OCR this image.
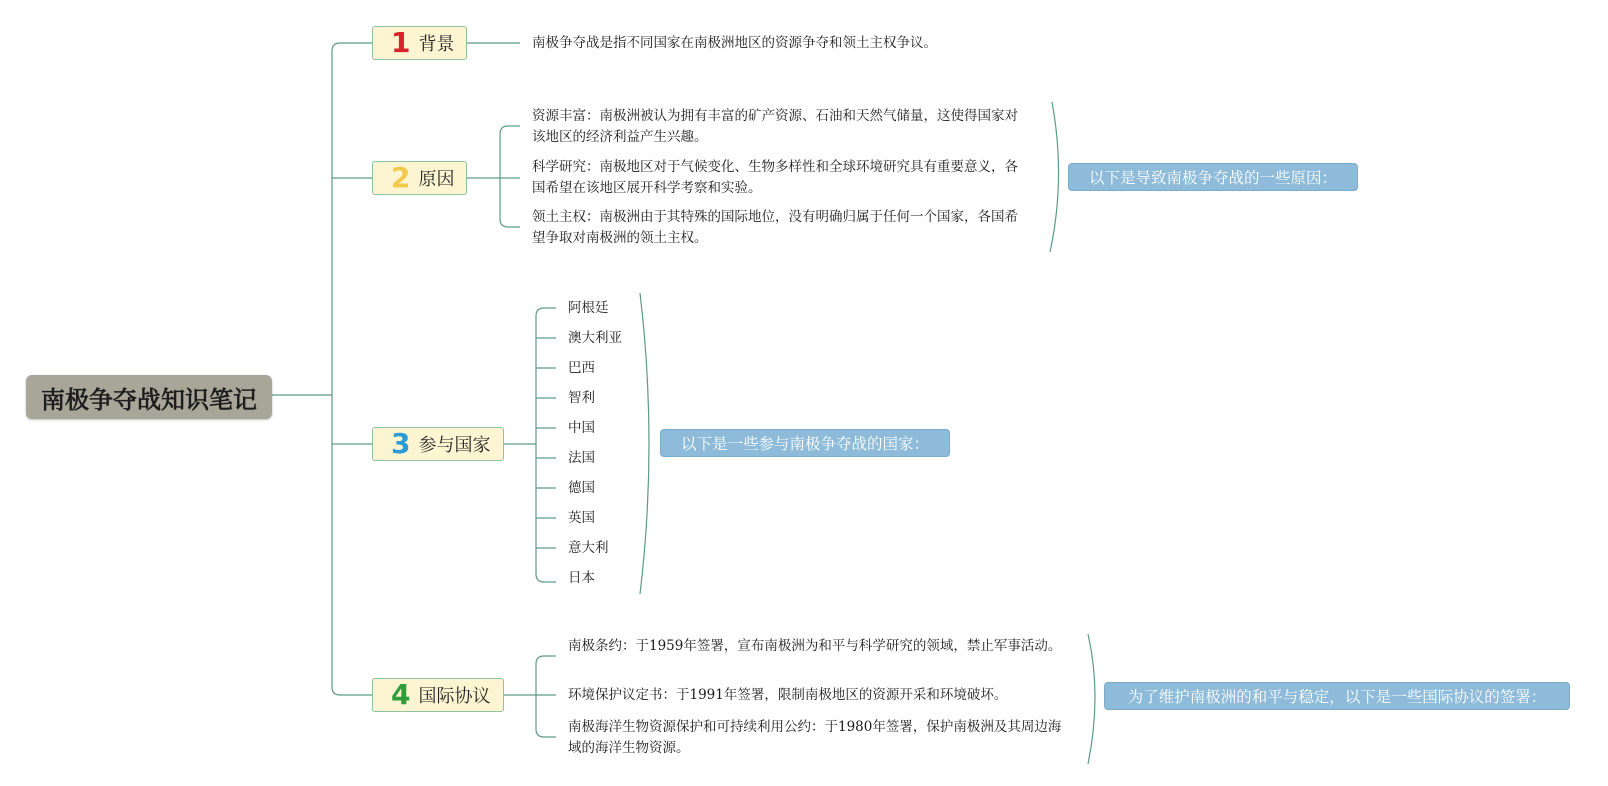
南极争夺战知识笔记
1 背景	南极争夺战是指不同国家在南极洲地区的资源争夺和领土主权争议。
2 原因
资源丰富：南极洲被认为拥有丰富的矿产资源、石油和天然气储量，这使得国家对该地区的经济利益产生兴趣。
科学研究：南极地区对于气候变化、生物多样性和全球环境研究具有重要意义，各国希望在该地区展开科学考察和实验。
领土主权：南极洲由于其特殊的国际地位，没有明确归属于任何一个国家，各国希望争取对南极洲的领土主权。
以下是导致南极争夺战的一些原因：
3 参与国家
阿根廷
澳大利亚
巴西
智利
中国
法国
德国
英国
意大利
日本
以下是一些参与南极争夺战的国家：
4 国际协议
南极条约：于1959年签署，宣布南极洲为和平与科学研究的领域，禁止军事活动。
环境保护议定书：于1991年签署，限制南极地区的资源开采和环境破坏。
南极海洋生物资源保护和可持续利用公约：于1980年签署，保护南极洲及其周边海域的海洋生物资源。
为了维护南极洲的和平与稳定，以下是一些国际协议的签署：
